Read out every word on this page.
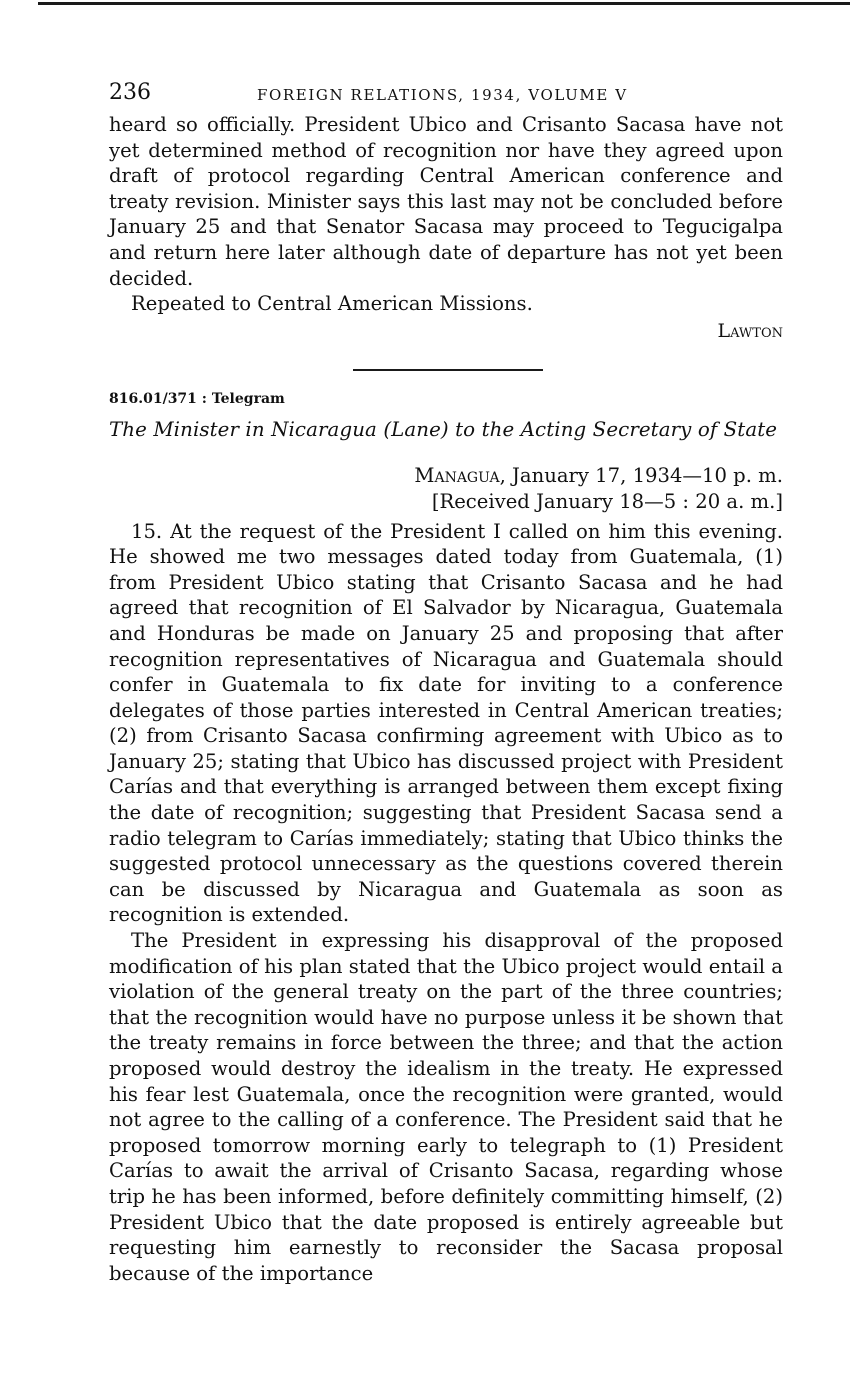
236	FOREIGN RELATIONS, 1934, VOLUME V

heard so officially. President Ubico and Crisanto Sacasa have not yet determined method of recognition nor have they agreed upon draft of protocol regarding Central American conference and treaty revision. Minister says this last may not be concluded before January 25 and that Senator Sacasa may proceed to Tegucigalpa and return here later although date of departure has not yet been decided.

Repeated to Central American Missions.

Lawton
816.01/371 : Telegram
The Minister in Nicaragua (Lane) to the Acting Secretary of State
Managua, January 17, 1934—10 p. m.
[Received January 18—5 : 20 a. m.]

15. At the request of the President I called on him this evening. He showed me two messages dated today from Guatemala, (1) from President Ubico stating that Crisanto Sacasa and he had agreed that recognition of El Salvador by Nicaragua, Guatemala and Honduras be made on January 25 and proposing that after recognition representatives of Nicaragua and Guatemala should confer in Guatemala to fix date for inviting to a conference delegates of those parties interested in Central American treaties; (2) from Crisanto Sacasa confirming agreement with Ubico as to January 25; stating that Ubico has discussed project with President Carías and that everything is arranged between them except fixing the date of recognition; suggesting that President Sacasa send a radio telegram to Carías immediately; stating that Ubico thinks the suggested protocol unnecessary as the questions covered therein can be discussed by Nicaragua and Guatemala as soon as recognition is extended.

The President in expressing his disapproval of the proposed modification of his plan stated that the Ubico project would entail a violation of the general treaty on the part of the three countries; that the recognition would have no purpose unless it be shown that the treaty remains in force between the three; and that the action proposed would destroy the idealism in the treaty. He expressed his fear lest Guatemala, once the recognition were granted, would not agree to the calling of a conference. The President said that he proposed tomorrow morning early to telegraph to (1) President Carías to await the arrival of Crisanto Sacasa, regarding whose trip he has been informed, before definitely committing himself, (2) President Ubico that the date proposed is entirely agreeable but requesting him earnestly to reconsider the Sacasa proposal because of the importance
